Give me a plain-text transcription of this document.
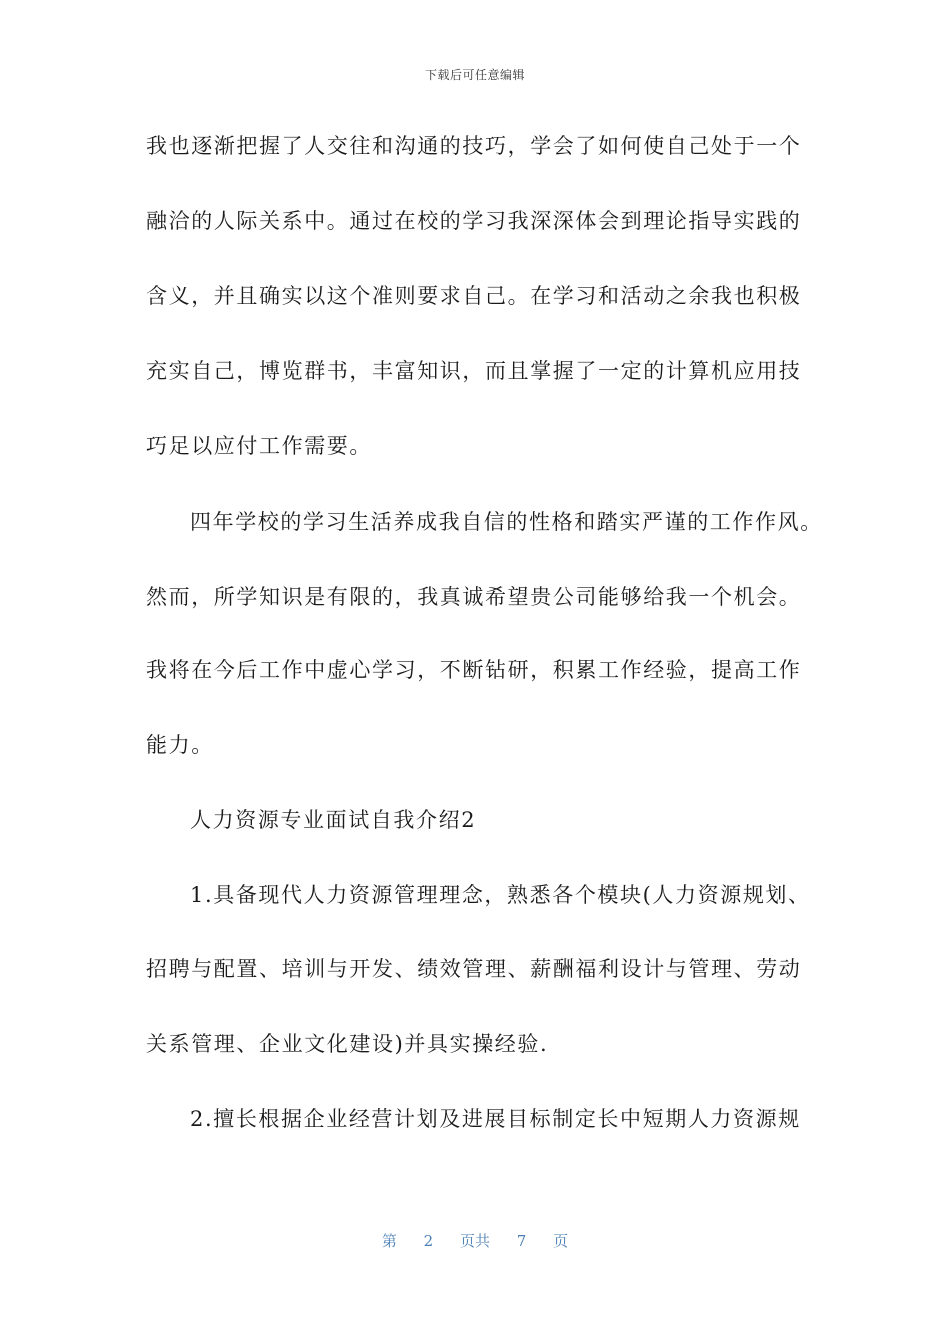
下载后可任意编辑
我也逐渐把握了人交往和沟通的技巧，学会了如何使自己处于一个
融洽的人际关系中。通过在校的学习我深深体会到理论指导实践的
含义，并且确实以这个准则要求自己。在学习和活动之余我也积极
充实自己，博览群书，丰富知识，而且掌握了一定的计算机应用技
巧足以应付工作需要。
四年学校的学习生活养成我自信的性格和踏实严谨的工作作风。
然而，所学知识是有限的，我真诚希望贵公司能够给我一个机会。
我将在今后工作中虚心学习，不断钻研，积累工作经验，提高工作
能力。
人力资源专业面试自我介绍2
1.具备现代人力资源管理理念，熟悉各个模块(人力资源规划、
招聘与配置、培训与开发、绩效管理、薪酬福利设计与管理、劳动
关系管理、企业文化建设)并具实操经验.
2.擅长根据企业经营计划及进展目标制定长中短期人力资源规
第 2 页共 7 页
